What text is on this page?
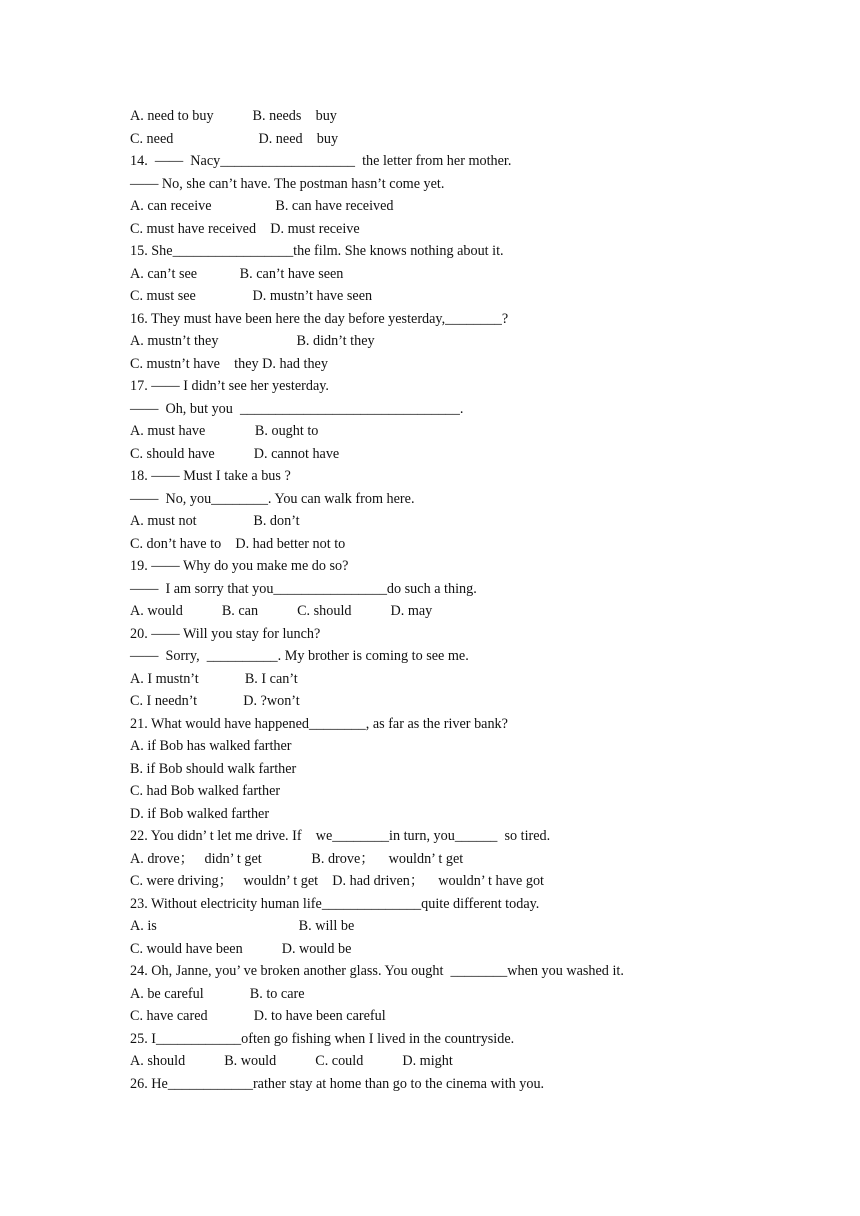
A. need to buy           B. needs    buy
C. need                        D. need    buy
14.  ——  Nacy___________________  the letter from her mother.
—— No, she can’t have. The postman hasn’t come yet.
A. can receive                  B. can have received
C. must have received    D. must receive
15. She_________________the film. She knows nothing about it.
A. can’t see            B. can’t have seen
C. must see                D. mustn’t have seen
16. They must have been here the day before yesterday,________?
A. mustn’t they                      B. didn’t they
C. mustn’t have    they D. had they
17. —— I didn’t see her yesterday.
——  Oh, but you  _______________________________.
A. must have              B. ought to
C. should have           D. cannot have
18. —— Must I take a bus ?
——  No, you________. You can walk from here.
A. must not                B. don’t
C. don’t have to    D. had better not to
19. —— Why do you make me do so?
——  I am sorry that you________________do such a thing.
A. would           B. can           C. should           D. may
20. —— Will you stay for lunch?
——  Sorry,  __________. My brother is coming to see me.
A. I mustn’t             B. I can’t
C. I needn’t             D. ?won’t
21. What would have happened________, as far as the river bank?
A. if Bob has walked farther
B. if Bob should walk farther
C. had Bob walked farther
D. if Bob walked farther
22. You didn’ t let me drive. If    we________in turn, you______  so tired.
A. drove；   didn’ t get              B. drove；    wouldn’ t get
C. were driving；   wouldn’ t get    D. had driven；    wouldn’ t have got
23. Without electricity human life______________quite different today.
A. is                                        B. will be
C. would have been           D. would be
24. Oh, Janne, you’ ve broken another glass. You ought  ________when you washed it.
A. be careful             B. to care
C. have cared             D. to have been careful
25. I____________often go fishing when I lived in the countryside.
A. should           B. would           C. could           D. might
26. He____________rather stay at home than go to the cinema with you.
